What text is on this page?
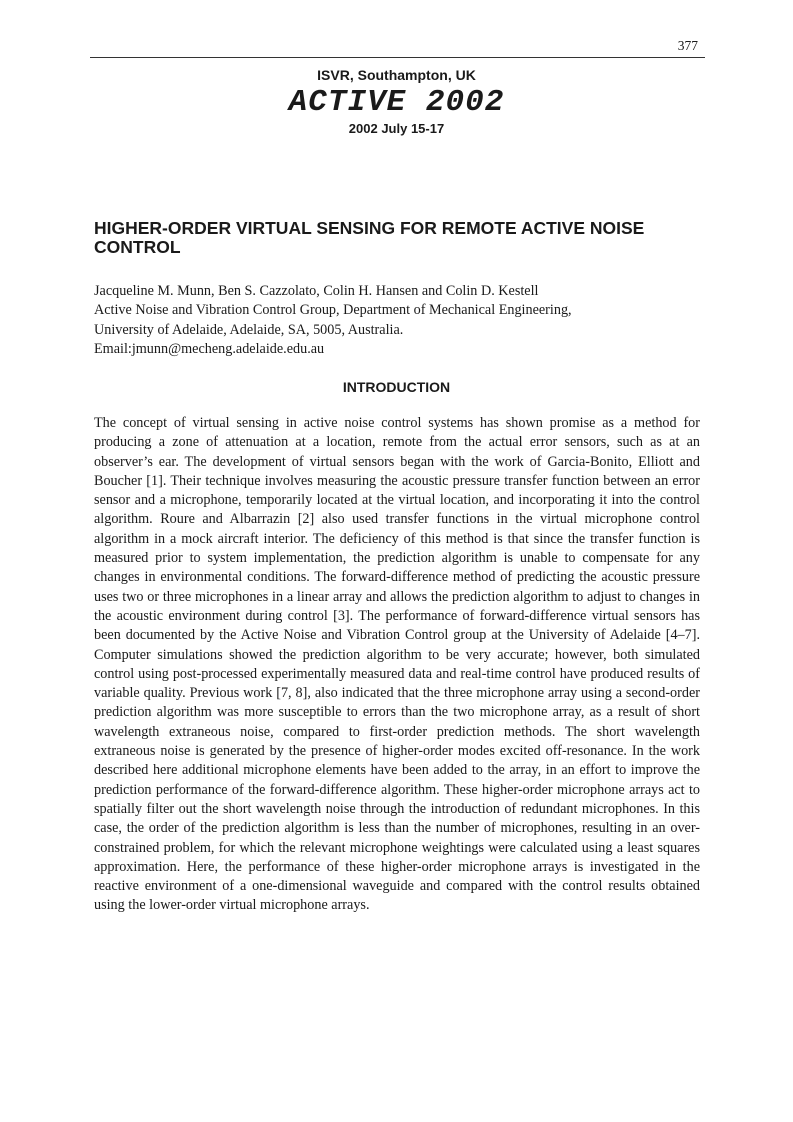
377
ISVR, Southampton, UK
ACTIVE 2002
2002 July 15-17
HIGHER-ORDER VIRTUAL SENSING FOR REMOTE ACTIVE NOISE CONTROL
Jacqueline M. Munn, Ben S. Cazzolato, Colin H. Hansen and Colin D. Kestell
Active Noise and Vibration Control Group, Department of Mechanical Engineering,
University of Adelaide, Adelaide, SA, 5005, Australia.
Email:jmunn@mecheng.adelaide.edu.au
INTRODUCTION

The concept of virtual sensing in active noise control systems has shown promise as a method for producing a zone of attenuation at a location, remote from the actual error sensors, such as at an observer’s ear. The development of virtual sensors began with the work of Garcia-Bonito, Elliott and Boucher [1]. Their technique involves measuring the acoustic pressure transfer function between an error sensor and a microphone, temporarily located at the virtual location, and incorporating it into the control algorithm. Roure and Albarrazin [2] also used transfer functions in the virtual microphone control algorithm in a mock aircraft interior. The deficiency of this method is that since the transfer function is measured prior to system implementation, the prediction algorithm is unable to compensate for any changes in environmental conditions. The forward-difference method of predicting the acoustic pressure uses two or three microphones in a linear array and allows the prediction algorithm to adjust to changes in the acoustic environment during control [3]. The performance of forward-difference virtual sensors has been documented by the Active Noise and Vibration Control group at the University of Adelaide [4–7]. Computer simulations showed the prediction algorithm to be very accurate; however, both simulated control using post-processed experimentally measured data and real-time control have produced results of variable quality. Previous work [7, 8], also indicated that the three microphone array using a second-order prediction algorithm was more susceptible to errors than the two microphone array, as a result of short wavelength extraneous noise, compared to first-order prediction methods. The short wavelength extraneous noise is generated by the presence of higher-order modes excited off-resonance. In the work described here additional microphone elements have been added to the array, in an effort to improve the prediction performance of the forward-difference algorithm. These higher-order microphone arrays act to spatially filter out the short wavelength noise through the introduction of redundant microphones. In this case, the order of the prediction algorithm is less than the number of microphones, resulting in an over-constrained problem, for which the relevant microphone weightings were calculated using a least squares approximation. Here, the performance of these higher-order microphone arrays is investigated in the reactive environment of a one-dimensional waveguide and compared with the control results obtained using the lower-order virtual microphone arrays.
